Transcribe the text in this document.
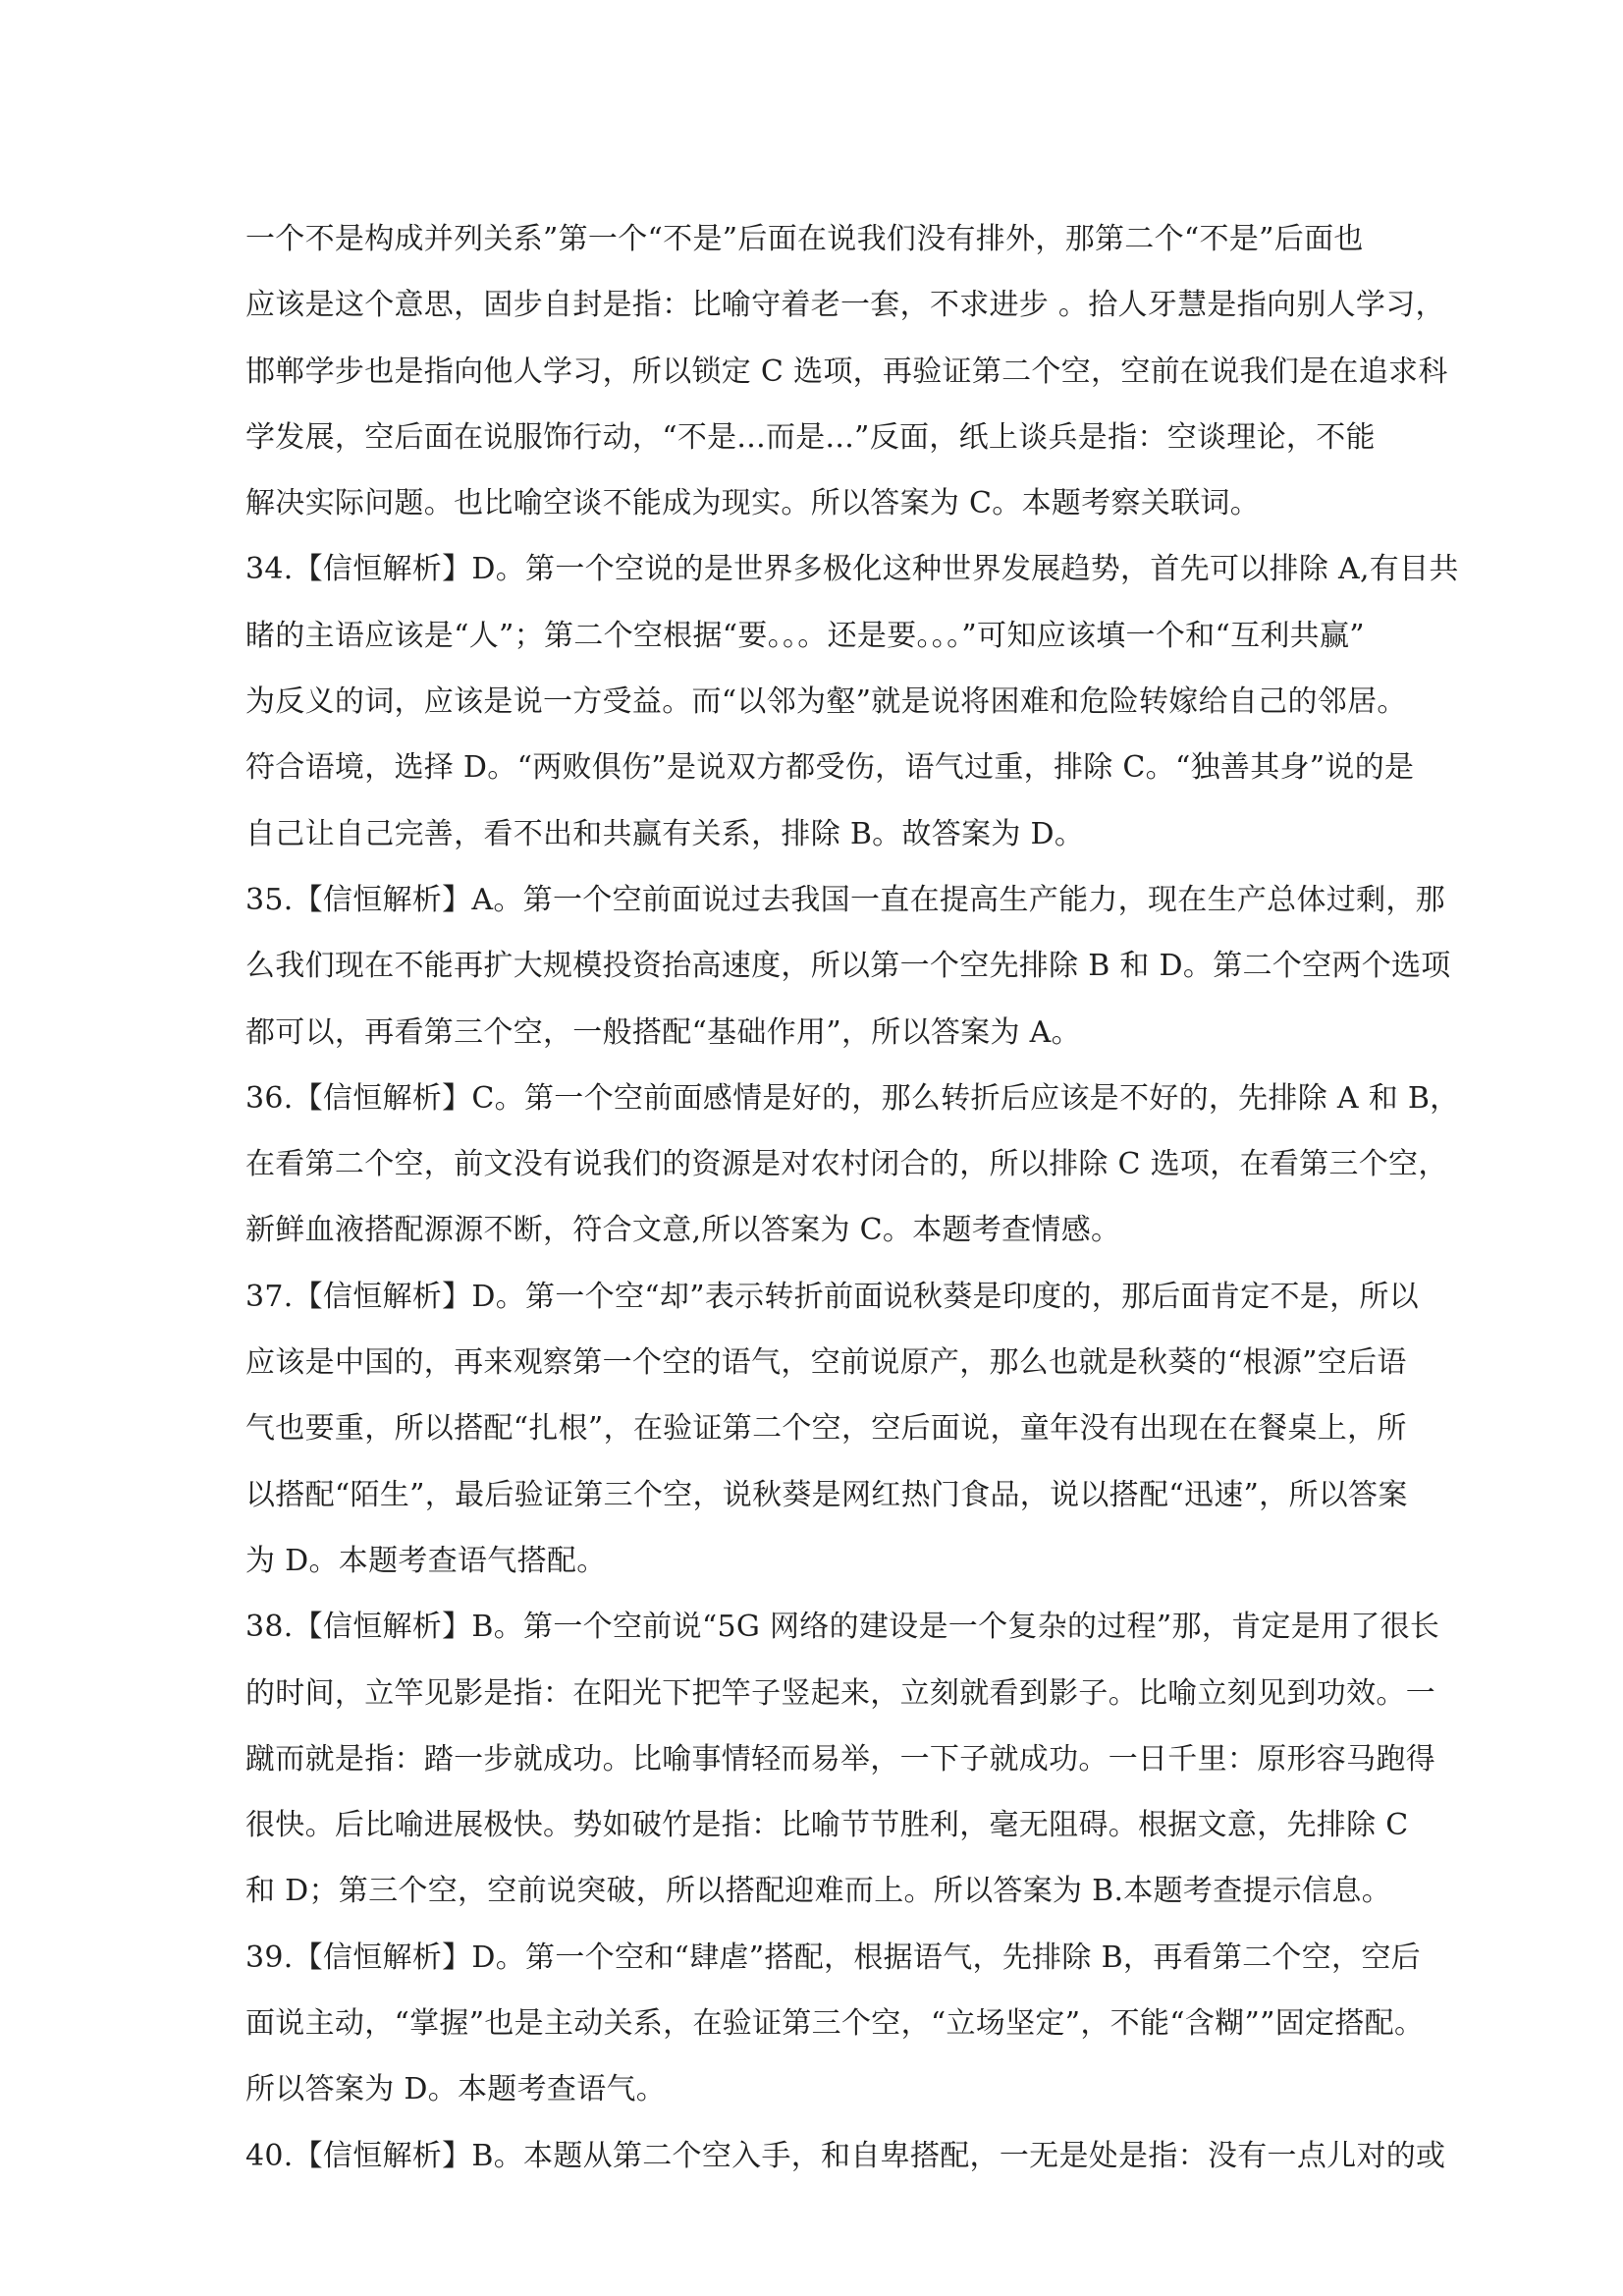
一个不是构成并列关系”第一个“不是”后面在说我们没有排外，那第二个“不是”后面也
应该是这个意思，固步自封是指：比喻守着老一套，不求进步 。拾人牙慧是指向别人学习，
邯郸学步也是指向他人学习，所以锁定 C 选项，再验证第二个空，空前在说我们是在追求科
学发展，空后面在说服饰行动，“不是...而是...”反面，纸上谈兵是指：空谈理论，不能
解决实际问题。也比喻空谈不能成为现实。所以答案为 C。本题考察关联词。
34.【信恒解析】D。第一个空说的是世界多极化这种世界发展趋势，首先可以排除 A,有目共
睹的主语应该是“人”；第二个空根据“要。。。还是要。。。”可知应该填一个和“互利共赢”
为反义的词，应该是说一方受益。而“以邻为壑”就是说将困难和危险转嫁给自己的邻居。
符合语境，选择 D。“两败俱伤”是说双方都受伤，语气过重，排除 C。“独善其身”说的是
自己让自己完善，看不出和共赢有关系，排除 B。故答案为 D。
35.【信恒解析】A。第一个空前面说过去我国一直在提高生产能力，现在生产总体过剩，那
么我们现在不能再扩大规模投资抬高速度，所以第一个空先排除 B 和 D。第二个空两个选项
都可以，再看第三个空，一般搭配“基础作用”，所以答案为 A。
36.【信恒解析】C。第一个空前面感情是好的，那么转折后应该是不好的，先排除 A 和 B，
在看第二个空，前文没有说我们的资源是对农村闭合的，所以排除 C 选项，在看第三个空，
新鲜血液搭配源源不断，符合文意,所以答案为 C。本题考查情感。
37.【信恒解析】D。第一个空“却”表示转折前面说秋葵是印度的，那后面肯定不是，所以
应该是中国的，再来观察第一个空的语气，空前说原产，那么也就是秋葵的“根源”空后语
气也要重，所以搭配“扎根”，在验证第二个空，空后面说，童年没有出现在在餐桌上，所
以搭配“陌生”，最后验证第三个空，说秋葵是网红热门食品，说以搭配“迅速”，所以答案
为 D。本题考查语气搭配。
38.【信恒解析】B。第一个空前说“5G 网络的建设是一个复杂的过程”那，肯定是用了很长
的时间，立竿见影是指：在阳光下把竿子竖起来，立刻就看到影子。比喻立刻见到功效。一
蹴而就是指：踏一步就成功。比喻事情轻而易举，一下子就成功。一日千里：原形容马跑得
很快。后比喻进展极快。势如破竹是指：比喻节节胜利，毫无阻碍。根据文意，先排除 C
和 D；第三个空，空前说突破，所以搭配迎难而上。所以答案为 B.本题考查提示信息。
39.【信恒解析】D。第一个空和“肆虐”搭配，根据语气，先排除 B，再看第二个空，空后
面说主动，“掌握”也是主动关系，在验证第三个空，“立场坚定”，不能“含糊””固定搭配。
所以答案为 D。本题考查语气。
40.【信恒解析】B。本题从第二个空入手，和自卑搭配，一无是处是指：没有一点儿对的或
